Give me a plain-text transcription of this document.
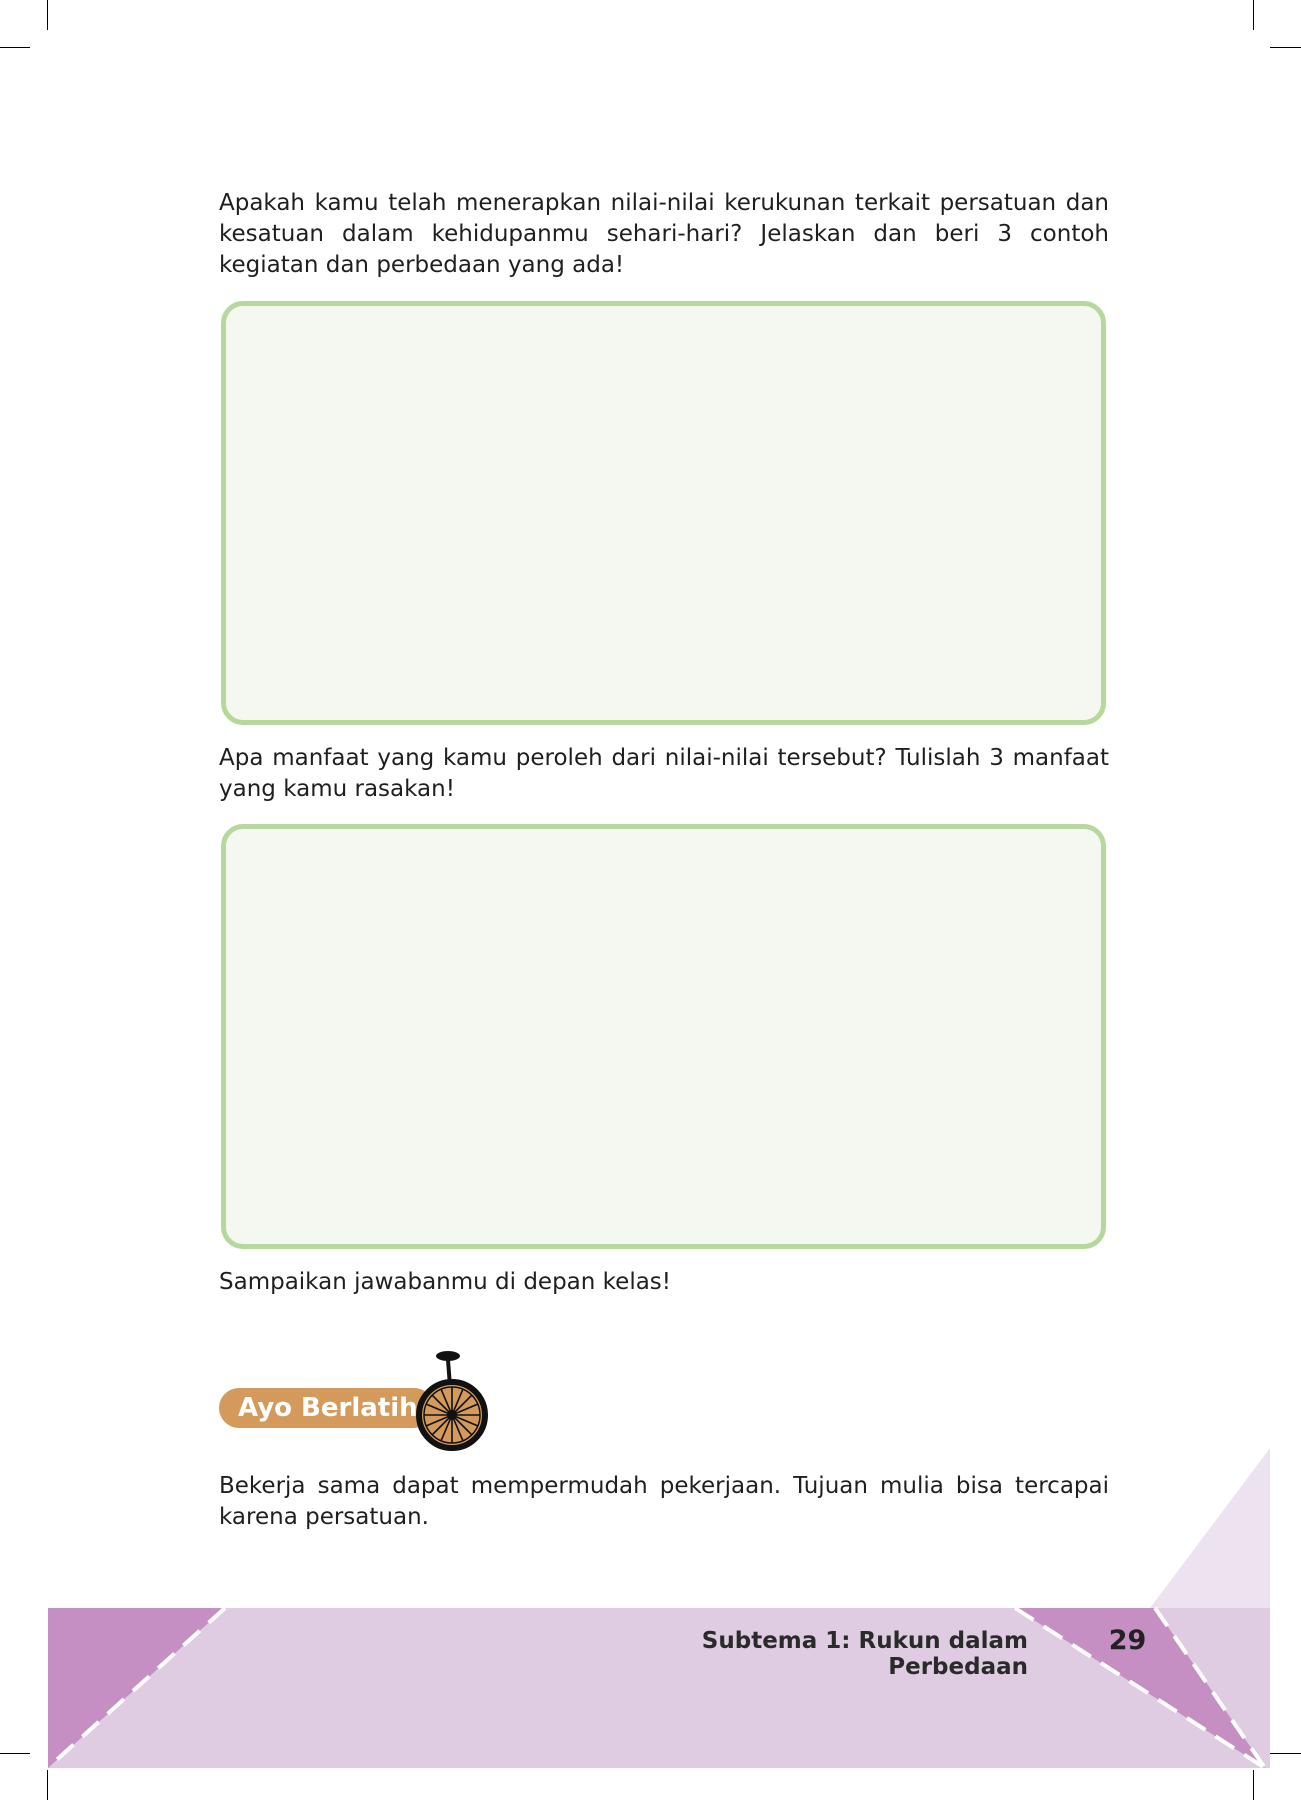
Apakah kamu telah menerapkan nilai-nilai kerukunan terkait persatuan dan kesatuan dalam kehidupanmu sehari-hari? Jelaskan dan beri 3 contoh kegiatan dan perbedaan yang ada!

Apa manfaat yang kamu peroleh dari nilai-nilai tersebut? Tulislah 3 manfaat yang kamu rasakan!

Sampaikan jawabanmu di depan kelas!

Ayo Berlatih

Bekerja sama dapat mempermudah pekerjaan. Tujuan mulia bisa tercapai karena persatuan.

Subtema 1: Rukun dalam Perbedaan
29
